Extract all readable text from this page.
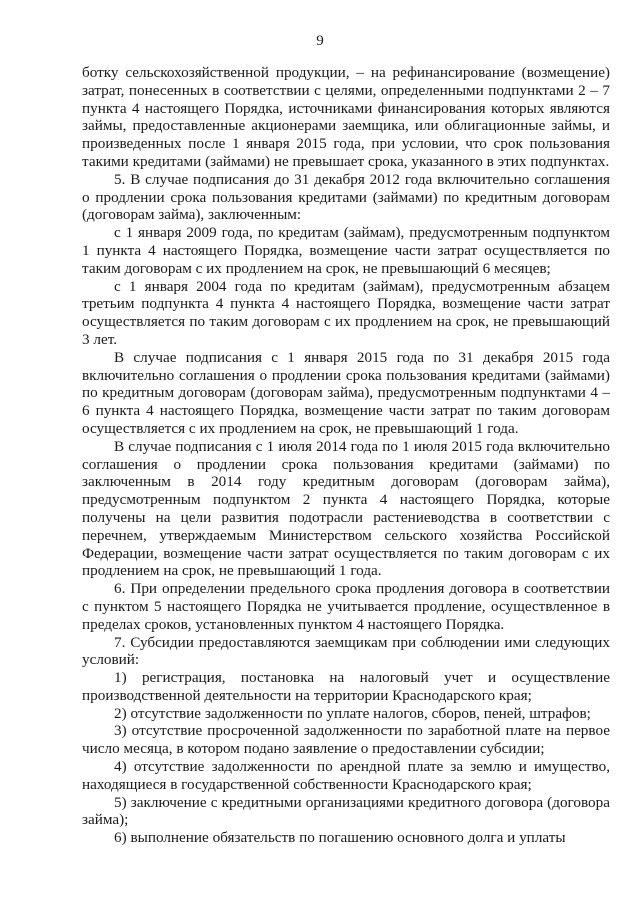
9

ботку сельскохозяйственной продукции, – на рефинансирование (возмещение) затрат, понесенных в соответствии с целями, определенными подпунктами 2 – 7 пункта 4 настоящего Порядка, источниками финансирования которых являются займы, предоставленные акционерами заемщика, или облигационные займы, и произведенных после 1 января 2015 года, при условии, что срок пользования такими кредитами (займами) не превышает срока, указанного в этих подпунктах.

5. В случае подписания до 31 декабря 2012 года включительно соглашения о продлении срока пользования кредитами (займами) по кредитным договорам (договорам займа), заключенным:

с 1 января 2009 года, по кредитам (займам), предусмотренным подпунктом 1 пункта 4 настоящего Порядка, возмещение части затрат осуществляется по таким договорам с их продлением на срок, не превышающий 6 месяцев;

с 1 января 2004 года по кредитам (займам), предусмотренным абзацем третьим подпункта 4 пункта 4 настоящего Порядка, возмещение части затрат осуществляется по таким договорам с их продлением на срок, не превышающий 3 лет.

В случае подписания с 1 января 2015 года по 31 декабря 2015 года включительно соглашения о продлении срока пользования кредитами (займами) по кредитным договорам (договорам займа), предусмотренным подпунктами 4 – 6 пункта 4 настоящего Порядка, возмещение части затрат по таким договорам осуществляется с их продлением на срок, не превышающий 1 года.

В случае подписания с 1 июля 2014 года по 1 июля 2015 года включительно соглашения о продлении срока пользования кредитами (займами) по заключенным в 2014 году кредитным договорам (договорам займа), предусмотренным подпунктом 2 пункта 4 настоящего Порядка, которые получены на цели развития подотрасли растениеводства в соответствии с перечнем, утверждаемым Министерством сельского хозяйства Российской Федерации, возмещение части затрат осуществляется по таким договорам с их продлением на срок, не превышающий 1 года.

6. При определении предельного срока продления договора в соответствии с пунктом 5 настоящего Порядка не учитывается продление, осуществленное в пределах сроков, установленных пунктом 4 настоящего Порядка.

7. Субсидии предоставляются заемщикам при соблюдении ими следующих условий:

1) регистрация, постановка на налоговый учет и осуществление производственной деятельности на территории Краснодарского края;

2) отсутствие задолженности по уплате налогов, сборов, пеней, штрафов;

3) отсутствие просроченной задолженности по заработной плате на первое число месяца, в котором подано заявление о предоставлении субсидии;

4) отсутствие задолженности по арендной плате за землю и имущество, находящиеся в государственной собственности Краснодарского края;

5) заключение с кредитными организациями кредитного договора (договора займа);

6) выполнение обязательств по погашению основного долга и уплаты
